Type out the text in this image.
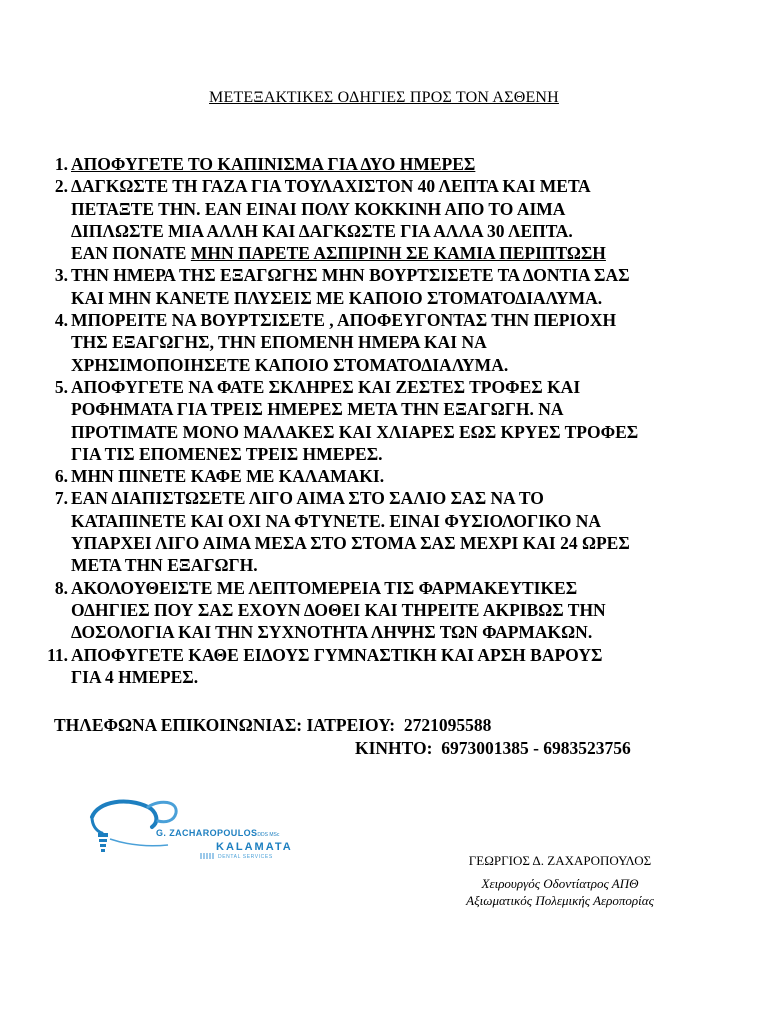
ΜΕΤΕΞΑΚΤΙΚΕΣ ΟΔΗΓΙΕΣ ΠΡΟΣ ΤΟΝ ΑΣΘΕΝΗ
1. ΑΠΟΦΥΓΕΤΕ ΤΟ ΚΑΠΙΝΙΣΜΑ ΓΙΑ ΔΥΟ ΗΜΕΡΕΣ
2. ΔΑΓΚΩΣΤΕ ΤΗ ΓΑΖΑ ΓΙΑ ΤΟΥΛΑΧΙΣΤΟΝ 40 ΛΕΠΤΑ ΚΑΙ ΜΕΤΑ
ΠΕΤΑΞΤΕ ΤΗΝ. ΕΑΝ ΕΙΝΑΙ ΠΟΛΥ ΚΟΚΚΙΝΗ ΑΠΟ ΤΟ ΑΙΜΑ
ΔΙΠΛΩΣΤΕ ΜΙΑ ΑΛΛΗ ΚΑΙ ΔΑΓΚΩΣΤΕ ΓΙΑ ΑΛΛΑ 30 ΛΕΠΤΑ.
ΕΑΝ ΠΟΝΑΤΕ ΜΗΝ ΠΑΡΕΤΕ ΑΣΠΙΡΙΝΗ ΣΕ ΚΑΜΙΑ ΠΕΡΙΠΤΩΣΗ
3. ΤΗΝ ΗΜΕΡΑ ΤΗΣ ΕΞΑΓΩΓΗΣ ΜΗΝ ΒΟΥΡΤΣΙΣΕΤΕ ΤΑ ΔΟΝΤΙΑ ΣΑΣ
ΚΑΙ ΜΗΝ ΚΑΝΕΤΕ ΠΛΥΣΕΙΣ ΜΕ ΚΑΠΟΙΟ ΣΤΟΜΑΤΟΔΙΑΛΥΜΑ.
4. ΜΠΟΡΕΙΤΕ ΝΑ ΒΟΥΡΤΣΙΣΕΤΕ , ΑΠΟΦΕΥΓΟΝΤΑΣ ΤΗΝ ΠΕΡΙΟΧΗ
ΤΗΣ ΕΞΑΓΩΓΗΣ, ΤΗΝ ΕΠΟΜΕΝΗ ΗΜΕΡΑ ΚΑΙ ΝΑ
ΧΡΗΣΙΜΟΠΟΙΗΣΕΤΕ ΚΑΠΟΙΟ ΣΤΟΜΑΤΟΔΙΑΛΥΜΑ.
5. ΑΠΟΦΥΓΕΤΕ ΝΑ ΦΑΤΕ ΣΚΛΗΡΕΣ ΚΑΙ ΖΕΣΤΕΣ ΤΡΟΦΕΣ ΚΑΙ
ΡΟΦΗΜΑΤΑ ΓΙΑ ΤΡΕΙΣ ΗΜΕΡΕΣ ΜΕΤΑ ΤΗΝ ΕΞΑΓΩΓΗ. ΝΑ
ΠΡΟΤΙΜΑΤΕ ΜΟΝΟ ΜΑΛΑΚΕΣ ΚΑΙ ΧΛΙΑΡΕΣ ΕΩΣ ΚΡΥΕΣ ΤΡΟΦΕΣ
ΓΙΑ ΤΙΣ ΕΠΟΜΕΝΕΣ ΤΡΕΙΣ ΗΜΕΡΕΣ.
6. ΜΗΝ ΠΙΝΕΤΕ ΚΑΦΕ ΜΕ ΚΑΛΑΜΑΚΙ.
7. ΕΑΝ ΔΙΑΠΙΣΤΩΣΕΤΕ ΛΙΓΟ ΑΙΜΑ ΣΤΟ ΣΑΛΙΟ ΣΑΣ ΝΑ ΤΟ
ΚΑΤΑΠΙΝΕΤΕ ΚΑΙ ΟΧΙ ΝΑ ΦΤΥΝΕΤΕ. ΕΙΝΑΙ ΦΥΣΙΟΛΟΓΙΚΟ ΝΑ
ΥΠΑΡΧΕΙ ΛΙΓΟ ΑΙΜΑ ΜΕΣΑ ΣΤΟ ΣΤΟΜΑ ΣΑΣ ΜΕΧΡΙ ΚΑΙ 24 ΩΡΕΣ
ΜΕΤΑ ΤΗΝ ΕΞΑΓΩΓΗ.
8. ΑΚΟΛΟΥΘΕΙΣΤΕ ΜΕ ΛΕΠΤΟΜΕΡΕΙΑ ΤΙΣ ΦΑΡΜΑΚΕΥΤΙΚΕΣ
ΟΔΗΓΙΕΣ ΠΟΥ ΣΑΣ ΕΧΟΥΝ ΔΟΘΕΙ ΚΑΙ ΤΗΡΕΙΤΕ ΑΚΡΙΒΩΣ ΤΗΝ
ΔΟΣΟΛΟΓΙΑ ΚΑΙ ΤΗΝ ΣΥΧΝΟΤΗΤΑ ΛΗΨΗΣ ΤΩΝ ΦΑΡΜΑΚΩΝ.
11. ΑΠΟΦΥΓΕΤΕ ΚΑΘΕ ΕΙΔΟΥΣ ΓΥΜΝΑΣΤΙΚΗ ΚΑΙ ΑΡΣΗ ΒΑΡΟΥΣ
ΓΙΑ 4 ΗΜΕΡΕΣ.
ΤΗΛΕΦΩΝΑ ΕΠΙΚΟΙΝΩΝΙΑΣ: ΙΑΤΡΕΙΟΥ: 2721095588
ΚΙΝΗΤΟ: 6973001385 - 6983523756
G. ZACHAROPOULOSDDS MSc
KALAMATA
DENTAL SERVICES	ΓΕΩΡΓΙΟΣ Δ. ΖΑΧΑΡΟΠΟΥΛΟΣ
Χειρουργός Οδοντίατρος ΑΠΘ
Αξιωματικός Πολεμικής Αεροπορίας
